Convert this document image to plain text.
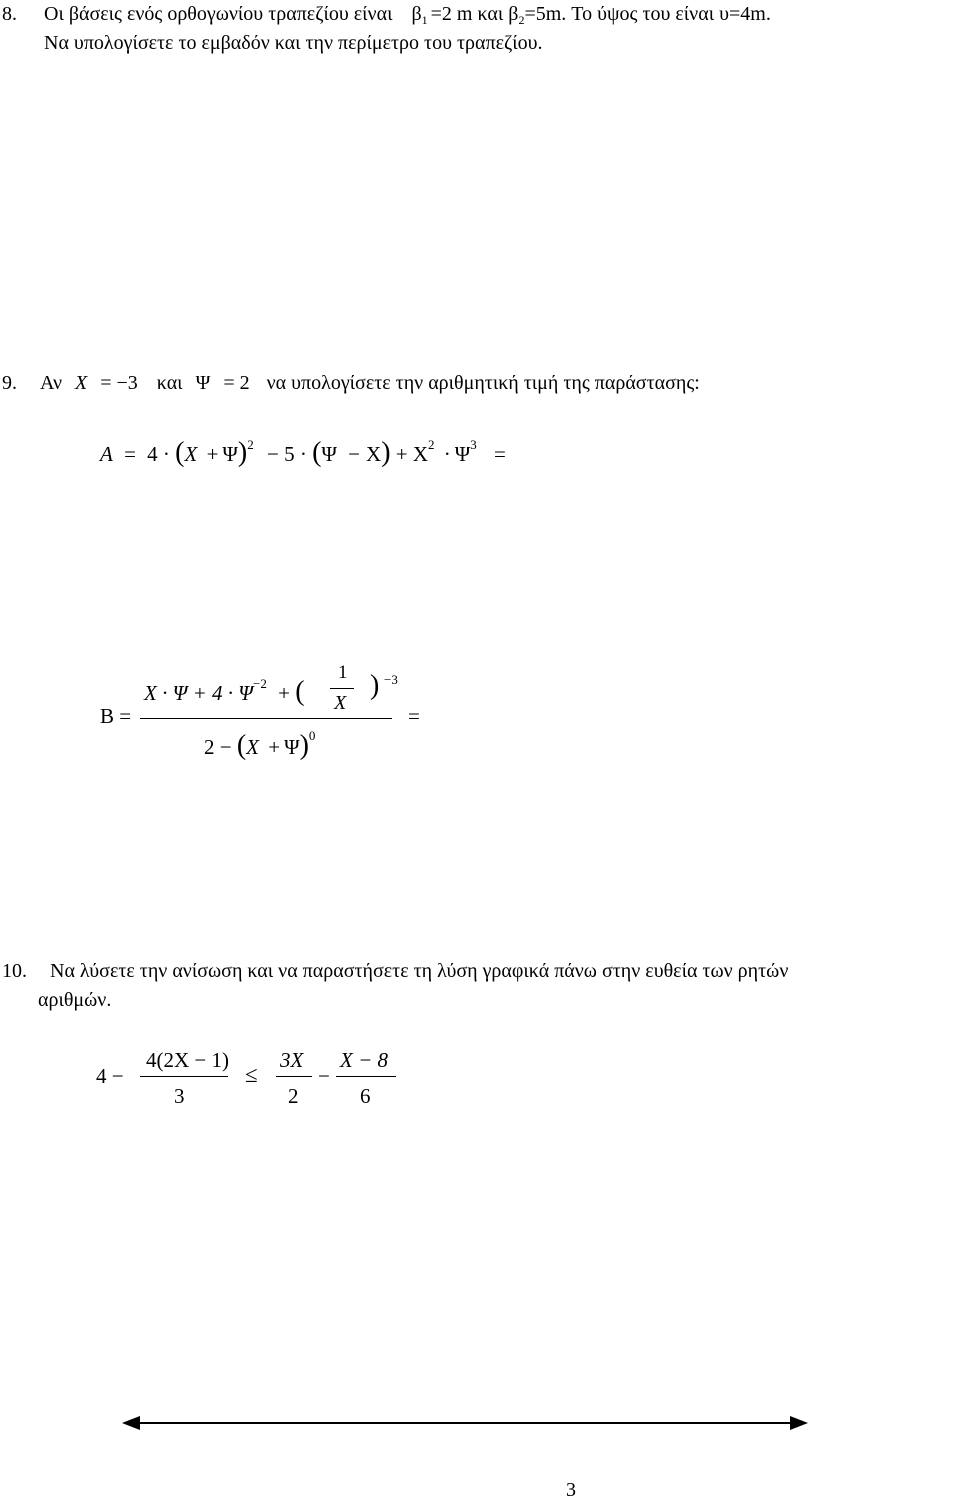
8. Οι βάσεις ενός ορθογωνίου τραπεζίου είναι $\beta_1 =2$ m και $\beta_2=5m$. Το ύψος του είναι υ=4m.
Να υπολογίσετε το εμβαδόν και την περίμετρο του τραπεζίου.
9. Αν Χ = −3 και Ψ = 2 να υπολογίσετε την αριθμητική τιμή της παράστασης:
$A = 4 \cdot (X + \Psi)^2 - 5 \cdot (\Psi - X) + X^2 \cdot \Psi^3$ =
Β =
$X \cdot \Psi + 4 \cdot \Psi^{-2}$ + (
1
Χ
) −3
$2 - (X + \Psi)^0$
=
10. Να λύσετε την ανίσωση και να παραστήσετε τη λύση γραφικά πάνω στην ευθεία των ρητών
αριθμών.
4 −
4(2Χ − 1)
3
≤
3Χ
2
−
Χ − 8
6
3
